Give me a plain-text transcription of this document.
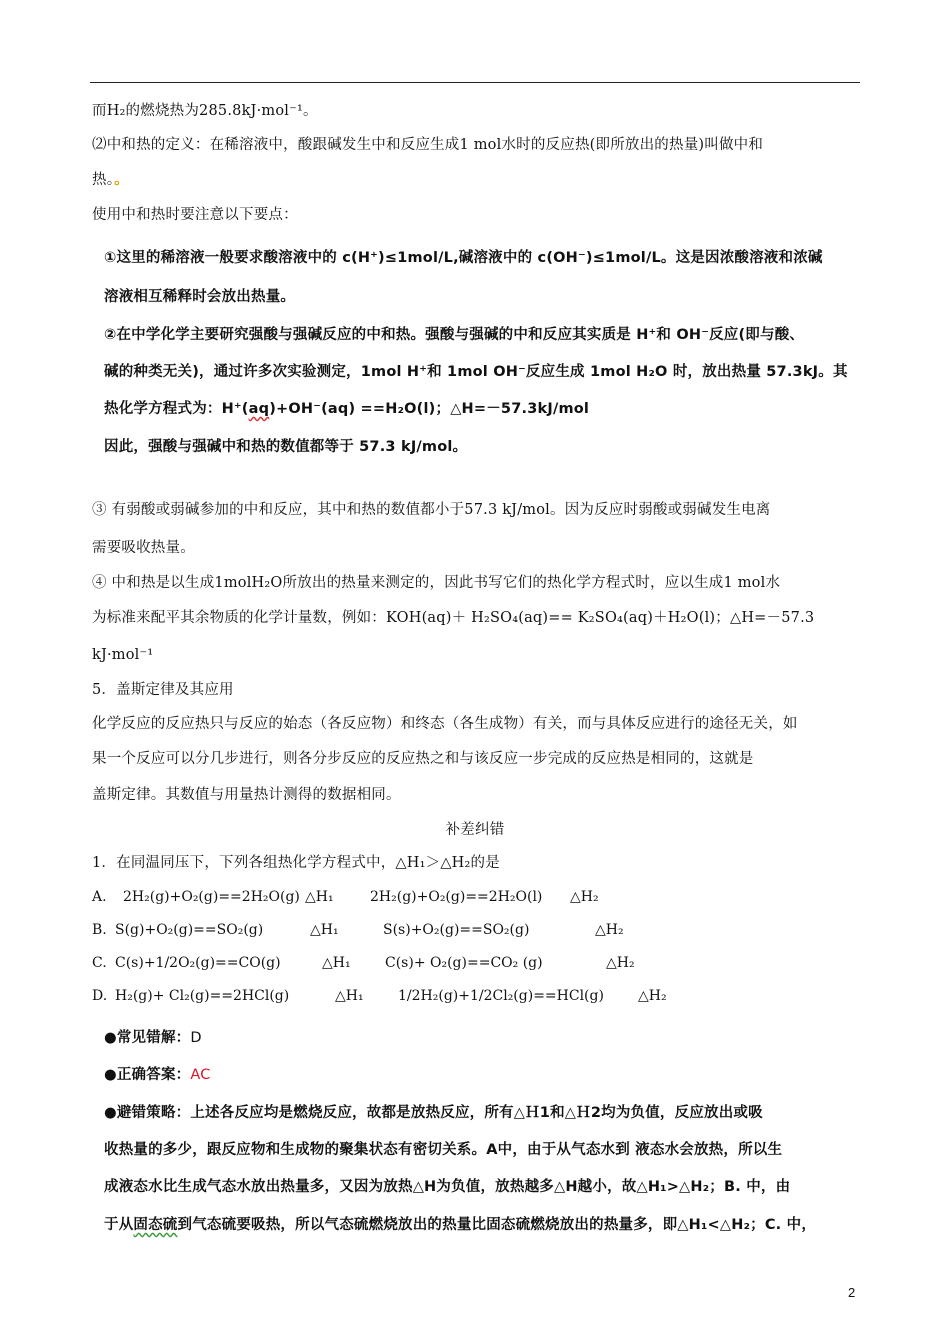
而H₂的燃烧热为285.8kJ·mol⁻¹。
⑵中和热的定义：在稀溶液中，酸跟碱发生中和反应生成1 mol水时的反应热(即所放出的热量)叫做中和
热。。
使用中和热时要注意以下要点：
①这里的稀溶液一般要求酸溶液中的 c(H⁺)≤1mol/L,碱溶液中的 c(OH⁻)≤1mol/L。这是因浓酸溶液和浓碱
溶液相互稀释时会放出热量。
②在中学化学主要研究强酸与强碱反应的中和热。强酸与强碱的中和反应其实质是 H⁺和 OH⁻反应(即与酸、
碱的种类无关)，通过许多次实验测定，1mol H⁺和 1mol OH⁻反应生成 1mol H₂O 时，放出热量 57.3kJ。其
热化学方程式为：H⁺(aq)+OH⁻(aq) ==H₂O(l)；△H=－57.3kJ/mol
因此，强酸与强碱中和热的数值都等于 57.3 kJ/mol。
③ 有弱酸或弱碱参加的中和反应，其中和热的数值都小于57.3 kJ/mol。因为反应时弱酸或弱碱发生电离
需要吸收热量。
④ 中和热是以生成1molH₂O所放出的热量来测定的，因此书写它们的热化学方程式时，应以生成1 mol水
为标准来配平其余物质的化学计量数，例如：KOH(aq)＋ H₂SO₄(aq)== K₂SO₄(aq)＋H₂O(l)；△H=－57.3
kJ·mol⁻¹
5．盖斯定律及其应用
化学反应的反应热只与反应的始态（各反应物）和终态（各生成物）有关，而与具体反应进行的途径无关，如
果一个反应可以分几步进行，则各分步反应的反应热之和与该反应一步完成的反应热是相同的，这就是
盖斯定律。其数值与用量热计测得的数据相同。
补差纠错
1．在同温同压下，下列各组热化学方程式中，△H₁＞△H₂的是
A. 2H₂(g)+O₂(g)==2H₂O(g) △H₁	2H₂(g)+O₂(g)==2H₂O(l) △H₂
B. S(g)+O₂(g)==SO₂(g)	△H₁	S(s)+O₂(g)==SO₂(g)	△H₂
C. C(s)+1/2O₂(g)==CO(g)	△H₁ C(s)+ O₂(g)==CO₂ (g)	△H₂
D. H₂(g)+ Cl₂(g)==2HCl(g)	△H₁ 1/2H₂(g)+1/2Cl₂(g)==HCl(g) △H₂
●常见错解：D
●正确答案：AC
●避错策略：上述各反应均是燃烧反应，故都是放热反应，所有△Ｈ1和△Ｈ2均为负值，反应放出或吸
收热量的多少，跟反应物和生成物的聚集状态有密切关系。A中，由于从气态水到 液态水会放热，所以生
成液态水比生成气态水放出热量多，又因为放热△H为负值，放热越多△H越小，故△H₁>△H₂；B. 中，由
于从固态硫到气态硫要吸热，所以气态硫燃烧放出的热量比固态硫燃烧放出的热量多，即△H₁<△H₂；C. 中，
2
